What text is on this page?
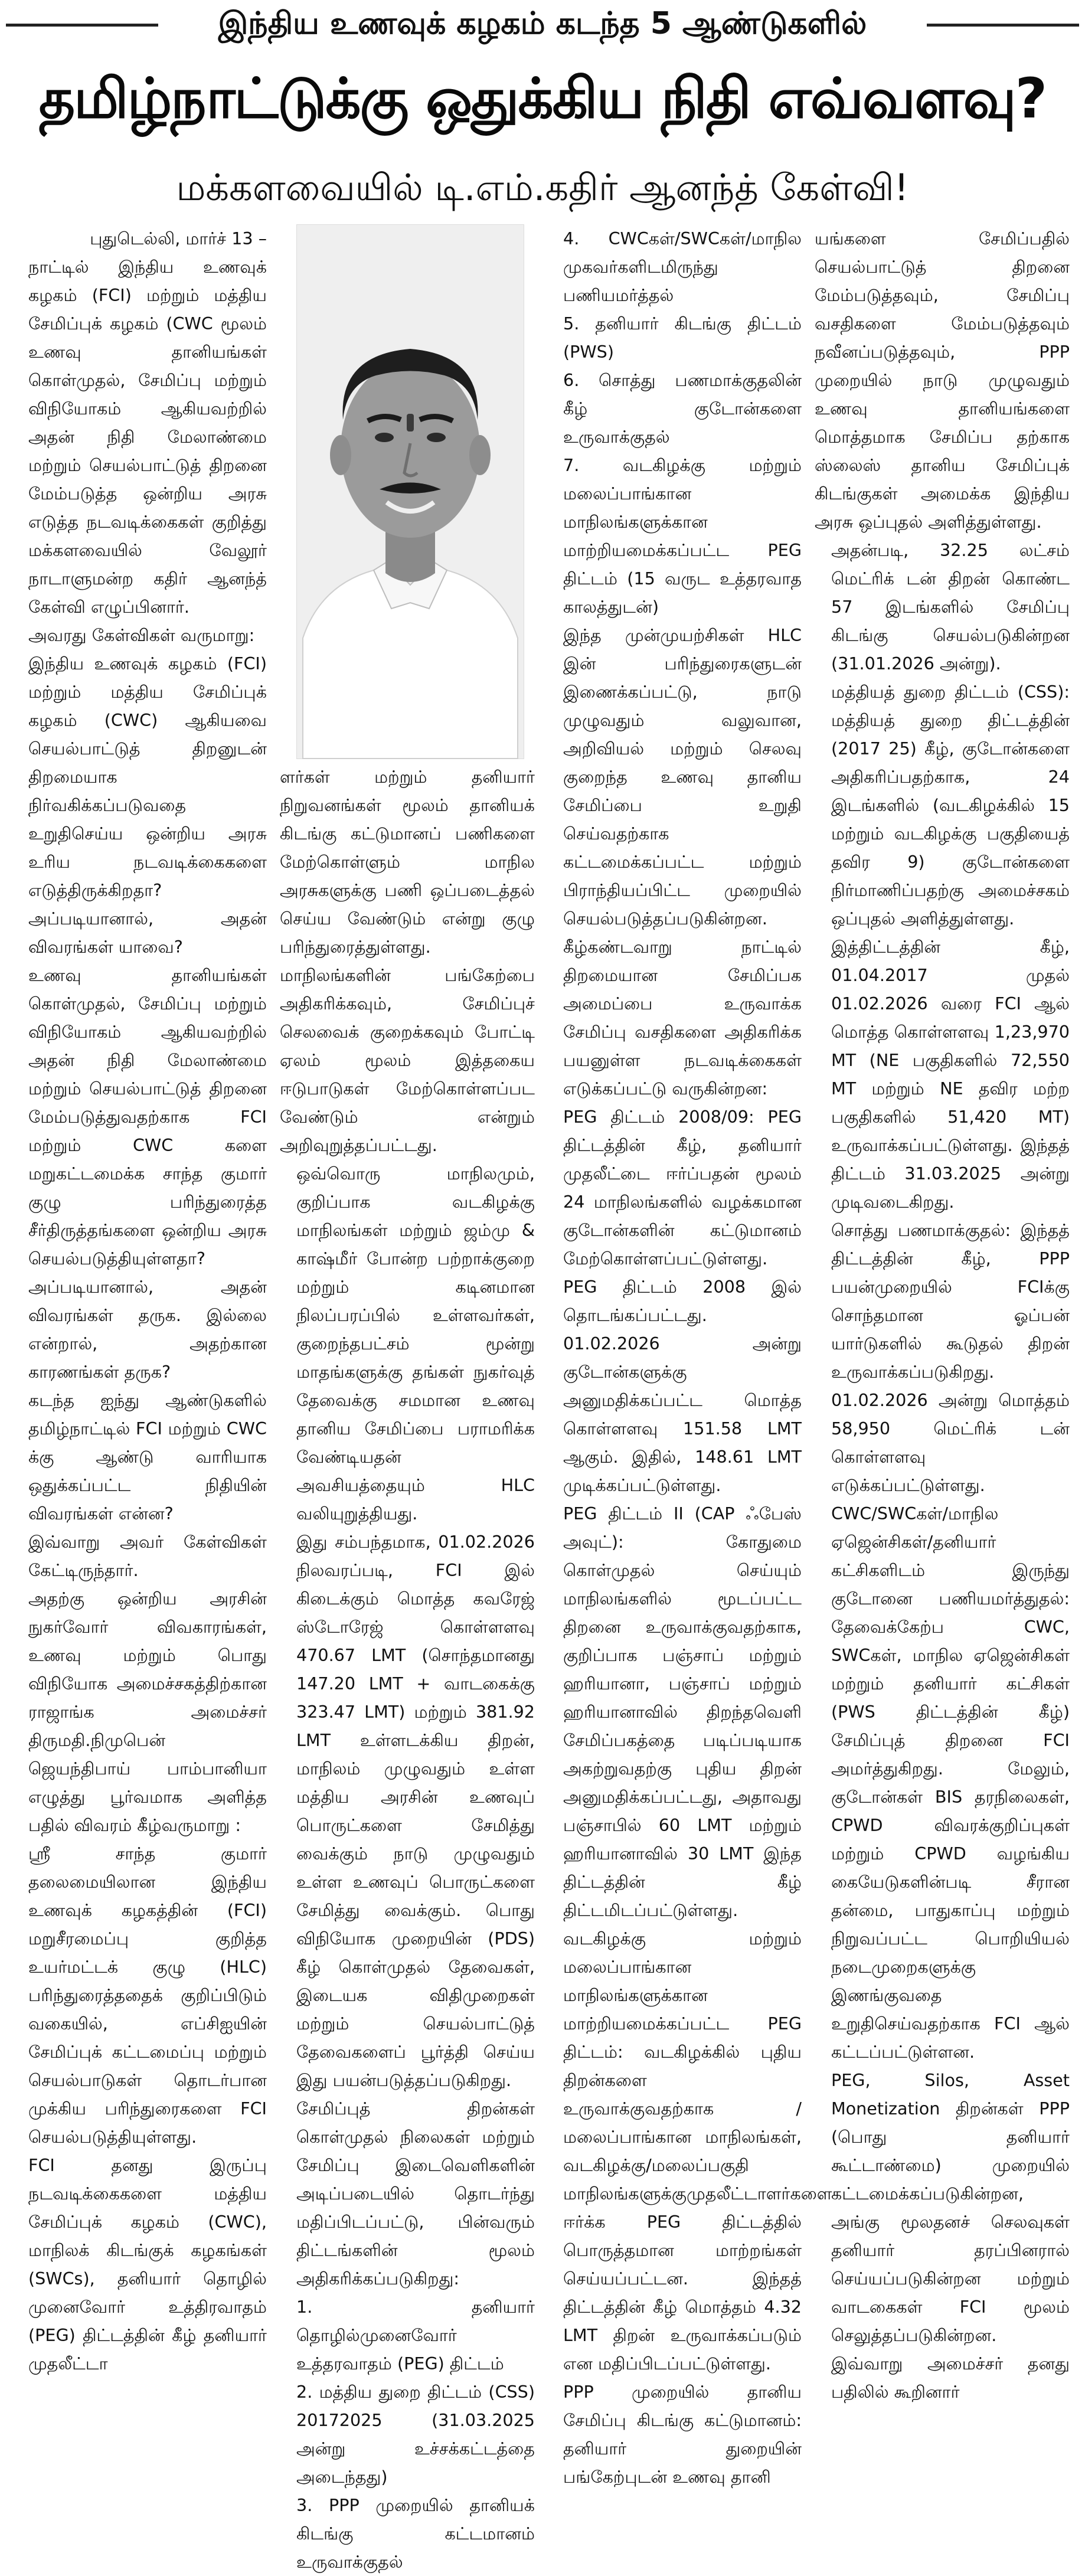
இந்திய உணவுக் கழகம் கடந்த 5 ஆண்டுகளில்
தமிழ்நாட்டுக்கு ஒதுக்கிய நிதி எவ்வளவு?
மக்களவையில் டி.எம்.கதிர் ஆனந்த் கேள்வி!
புதுடெல்லி, மார்ச் 13 –

நாட்டில் இந்திய உணவுக் கழகம் (FCI) மற்றும் மத்திய சேமிப்புக் கழகம் (CWC மூலம் உணவு தானியங்கள் கொள்முதல், சேமிப்பு மற்றும் விநியோகம் ஆகியவற்றில் அதன் நிதி மேலாண்மை மற்றும் செயல்பாட்டுத் திறனை மேம்படுத்த ஒன்றிய அரசு எடுத்த நடவடிக்கைகள் குறித்து மக்களவையில் வேலூர் நாடாளுமன்ற கதிர் ஆனந்த் கேள்வி எழுப்பினார்.

அவரது கேள்விகள் வருமாறு:

இந்திய உணவுக் கழகம் (FCI) மற்றும் மத்திய சேமிப்புக் கழகம் (CWC) ஆகியவை செயல்பாட்டுத் திறனுடன் திறமையாக நிர்வகிக்கப்படுவதை உறுதிசெய்ய ஒன்றிய அரசு உரிய நடவடிக்கைகளை எடுத்திருக்கிறதா? அப்படியானால், அதன் விவரங்கள் யாவை?

உணவு தானியங்கள் கொள்முதல், சேமிப்பு மற்றும் விநியோகம் ஆகியவற்றில் அதன் நிதி மேலாண்மை மற்றும் செயல்பாட்டுத் திறனை மேம்படுத்துவதற்காக FCI மற்றும் CWC களை மறுகட்டமைக்க சாந்த குமார் குழு பரிந்துரைத்த சீர்திருத்தங்களை ஒன்றிய அரசு செயல்படுத்தியுள்ளதா?

அப்படியானால், அதன் விவரங்கள் தருக. இல்லை என்றால், அதற்கான காரணங்கள் தருக?

கடந்த ஐந்து ஆண்டுகளில் தமிழ்நாட்டில் FCI மற்றும் CWC க்கு ஆண்டு வாரியாக ஒதுக்கப்பட்ட நிதியின் விவரங்கள் என்ன?

இவ்வாறு அவர் கேள்விகள் கேட்டிருந்தார்.

அதற்கு ஒன்றிய அரசின் நுகர்வோர் விவகாரங்கள், உணவு மற்றும் பொது விநியோக அமைச்சகத்திற்கான ராஜாங்க அமைச்சர் திருமதி.நிமுபென் ஜெயந்திபாய் பாம்பானியா எழுத்து பூர்வமாக அளித்த பதில் விவரம் கீழ்வருமாறு :

ஸ்ரீ சாந்த குமார் தலைமையிலான இந்திய உணவுக் கழகத்தின் (FCI) மறுசீரமைப்பு குறித்த உயர்மட்டக் குழு (HLC) பரிந்துரைத்ததைக் குறிப்பிடும் வகையில், எப்சிஐயின் சேமிப்புக் கட்டமைப்பு மற்றும் செயல்பாடுகள் தொடர்பான முக்கிய பரிந்துரைகளை FCI செயல்படுத்தியுள்ளது.

FCI தனது இருப்பு நடவடிக்கைகளை மத்திய சேமிப்புக் கழகம் (CWC), மாநிலக் கிடங்குக் கழகங்கள் (SWCs), தனியார் தொழில் முனைவோர் உத்திரவாதம் (PEG) திட்டத்தின் கீழ் தனியார் முதலீட்டா

ளர்கள் மற்றும் தனியார் நிறுவனங்கள் மூலம் தானியக் கிடங்கு கட்டுமானப் பணிகளை மேற்கொள்ளும் மாநில அரசுகளுக்கு பணி ஒப்படைத்தல் செய்ய வேண்டும் என்று குழு பரிந்துரைத்துள்ளது. மாநிலங்களின் பங்கேற்பை அதிகரிக்கவும், சேமிப்புச் செலவைக் குறைக்கவும் போட்டி ஏலம் மூலம் இத்தகைய ஈடுபாடுகள் மேற்கொள்ளப்பட வேண்டும் என்றும் அறிவுறுத்தப்பட்டது.

ஒவ்வொரு மாநிலமும், குறிப்பாக வடகிழக்கு மாநிலங்கள் மற்றும் ஜம்மு & காஷ்மீர் போன்ற பற்றாக்குறை மற்றும் கடினமான நிலப்பரப்பில் உள்ளவர்கள், குறைந்தபட்சம் மூன்று மாதங்களுக்கு தங்கள் நுகர்வுத் தேவைக்கு சமமான உணவு தானிய சேமிப்பை பராமரிக்க வேண்டியதன் அவசியத்தையும் HLC வலியுறுத்தியது.

இது சம்பந்தமாக, 01.02.2026 நிலவரப்படி, FCI இல் கிடைக்கும் மொத்த கவரேஜ் ஸ்டோரேஜ் கொள்ளளவு 470.67 LMT (சொந்தமானது 147.20 LMT + வாடகைக்கு 323.47 LMT) மற்றும் 381.92 LMT உள்ளடக்கிய திறன், மாநிலம் முழுவதும் உள்ள மத்திய அரசின் உணவுப் பொருட்களை சேமித்து வைக்கும் நாடு முழுவதும் உள்ள உணவுப் பொருட்களை சேமித்து வைக்கும். பொது விநியோக முறையின் (PDS) கீழ் கொள்முதல் தேவைகள், இடையக விதிமுறைகள் மற்றும் செயல்பாட்டுத் தேவைகளைப் பூர்த்தி செய்ய இது பயன்படுத்தப்படுகிறது.

சேமிப்புத் திறன்கள் கொள்முதல் நிலைகள் மற்றும் சேமிப்பு இடைவெளிகளின் அடிப்படையில் தொடர்ந்து மதிப்பிடப்பட்டு, பின்வரும் திட்டங்களின் மூலம் அதிகரிக்கப்படுகிறது:

1. தனியார் தொழில்முனைவோர் உத்தரவாதம் (PEG) திட்டம்

2. மத்திய துறை திட்டம் (CSS) 20172025 (31.03.2025 அன்று உச்சக்கட்டத்தை அடைந்தது)

3. PPP முறையில் தானியக் கிடங்கு கட்டமானம் உருவாக்குதல்

4. CWCகள்/SWCகள்/மாநில முகவர்களிடமிருந்து பணியமர்த்தல்

5. தனியார் கிடங்கு திட்டம் (PWS)

6. சொத்து பணமாக்குதலின் கீழ் குடோன்களை உருவாக்குதல்

7. வடகிழக்கு மற்றும் மலைப்பாங்கான மாநிலங்களுக்கான மாற்றியமைக்கப்பட்ட PEG திட்டம் (15 வருட உத்தரவாத காலத்துடன்)

இந்த முன்முயற்சிகள் HLC இன் பரிந்துரைகளுடன் இணைக்கப்பட்டு, நாடு முழுவதும் வலுவான, அறிவியல் மற்றும் செலவு குறைந்த உணவு தானிய சேமிப்பை உறுதி செய்வதற்காக கட்டமைக்கப்பட்ட மற்றும் பிராந்தியப்பிட்ட முறையில் செயல்படுத்தப்படுகின்றன.

கீழ்கண்டவாறு நாட்டில் திறமையான சேமிப்பக அமைப்பை உருவாக்க சேமிப்பு வசதிகளை அதிகரிக்க பயனுள்ள நடவடிக்கைகள் எடுக்கப்பட்டு வருகின்றன:

PEG திட்டம் 2008/09: PEG திட்டத்தின் கீழ், தனியார் முதலீட்டை ஈர்ப்பதன் மூலம் 24 மாநிலங்களில் வழக்கமான குடோன்களின் கட்டுமானம் மேற்கொள்ளப்பட்டுள்ளது. PEG திட்டம் 2008 இல் தொடங்கப்பட்டது. 01.02.2026 அன்று குடோன்களுக்கு அனுமதிக்கப்பட்ட மொத்த கொள்ளளவு 151.58 LMT ஆகும். இதில், 148.61 LMT முடிக்கப்பட்டுள்ளது.

PEG திட்டம் II (CAP ஃபேஸ் அவுட்): கோதுமை கொள்முதல் செய்யும் மாநிலங்களில் மூடப்பட்ட திறனை உருவாக்குவதற்காக, குறிப்பாக பஞ்சாப் மற்றும் ஹரியானா, பஞ்சாப் மற்றும் ஹரியானாவில் திறந்தவெளி சேமிப்பகத்தை படிப்படியாக அகற்றுவதற்கு புதிய திறன் அனுமதிக்கப்பட்டது, அதாவது பஞ்சாபில் 60 LMT மற்றும் ஹரியானாவில் 30 LMT இந்த திட்டத்தின் கீழ் திட்டமிடப்பட்டுள்ளது.

வடகிழக்கு மற்றும் மலைப்பாங்கான மாநிலங்களுக்கான மாற்றியமைக்கப்பட்ட PEG திட்டம்: வடகிழக்கில் புதிய திறன்களை உருவாக்குவதற்காக / மலைப்பாங்கான மாநிலங்கள், வடகிழக்கு/மலைப்பகுதி மாநிலங்களுக்குமுதலீட்டாளர்களை ஈர்க்க PEG திட்டத்தில் பொருத்தமான மாற்றங்கள் செய்யப்பட்டன. இந்தத் திட்டத்தின் கீழ் மொத்தம் 4.32 LMT திறன் உருவாக்கப்படும் என மதிப்பிடப்பட்டுள்ளது.

PPP முறையில் தானிய சேமிப்பு கிடங்கு கட்டுமானம்: தனியார் துறையின் பங்கேற்புடன் உணவு தானி

யங்களை சேமிப்பதில் செயல்பாட்டுத் திறனை மேம்படுத்தவும், சேமிப்பு வசதிகளை மேம்படுத்தவும் நவீனப்படுத்தவும், PPP முறையில் நாடு முழுவதும் உணவு தானியங்களை மொத்தமாக சேமிப்ப தற்காக ஸ்லைஸ் தானிய சேமிப்புக் கிடங்குகள் அமைக்க இந்திய அரசு ஒப்புதல் அளித்துள்ளது.

அதன்படி, 32.25 லட்சம் மெட்ரிக் டன் திறன் கொண்ட 57 இடங்களில் சேமிப்பு கிடங்கு செயல்படுகின்றன (31.01.2026 அன்று).

மத்தியத் துறை திட்டம் (CSS): மத்தியத் துறை திட்டத்தின் (2017 25) கீழ், குடோன்களை அதிகரிப்பதற்காக, 24 இடங்களில் (வடகிழக்கில் 15 மற்றும் வடகிழக்கு பகுதியைத் தவிர 9) குடோன்களை நிர்மாணிப்பதற்கு அமைச்சகம் ஒப்புதல் அளித்துள்ளது.

இத்திட்டத்தின் கீழ், 01.04.2017 முதல் 01.02.2026 வரை FCI ஆல் மொத்த கொள்ளளவு 1,23,970 MT (NE பகுதிகளில் 72,550 MT மற்றும் NE தவிர மற்ற பகுதிகளில் 51,420 MT) உருவாக்கப்பட்டுள்ளது. இந்தத் திட்டம் 31.03.2025 அன்று முடிவடைகிறது.

சொத்து பணமாக்குதல்: இந்தத் திட்டத்தின் கீழ், PPP பயன்முறையில் FCIக்கு சொந்தமான ஓப்பன் யார்டுகளில் கூடுதல் திறன் உருவாக்கப்படுகிறது. 01.02.2026 அன்று மொத்தம் 58,950 மெட்ரிக் டன் கொள்ளளவு எடுக்கப்பட்டுள்ளது.

CWC/SWCகள்/மாநில ஏஜென்சிகள்/தனியார் கட்சிகளிடம் இருந்து குடோனை பணியமர்த்துதல்: தேவைக்கேற்ப CWC, SWCகள், மாநில ஏஜென்சிகள் மற்றும் தனியார் கட்சிகள் (PWS திட்டத்தின் கீழ்) சேமிப்புத் திறனை FCI அமர்த்துகிறது. மேலும், குடோன்கள் BIS தரநிலைகள், CPWD விவரக்குறிப்புகள் மற்றும் CPWD வழங்கிய கையேடுகளின்படி சீரான தன்மை, பாதுகாப்பு மற்றும் நிறுவப்பட்ட பொறியியல் நடைமுறைகளுக்கு இணங்குவதை உறுதிசெய்வதற்காக FCI ஆல் கட்டப்பட்டுள்ளன.

PEG, Silos, Asset Monetization திறன்கள் PPP (பொது தனியார் கூட்டாண்மை) முறையில் கட்டமைக்கப்படுகின்றன, அங்கு மூலதனச் செலவுகள் தனியார் தரப்பினரால் செய்யப்படுகின்றன மற்றும் வாடகைகள் FCI மூலம் செலுத்தப்படுகின்றன.

இவ்வாறு அமைச்சர் தனது பதிலில் கூறினார்
